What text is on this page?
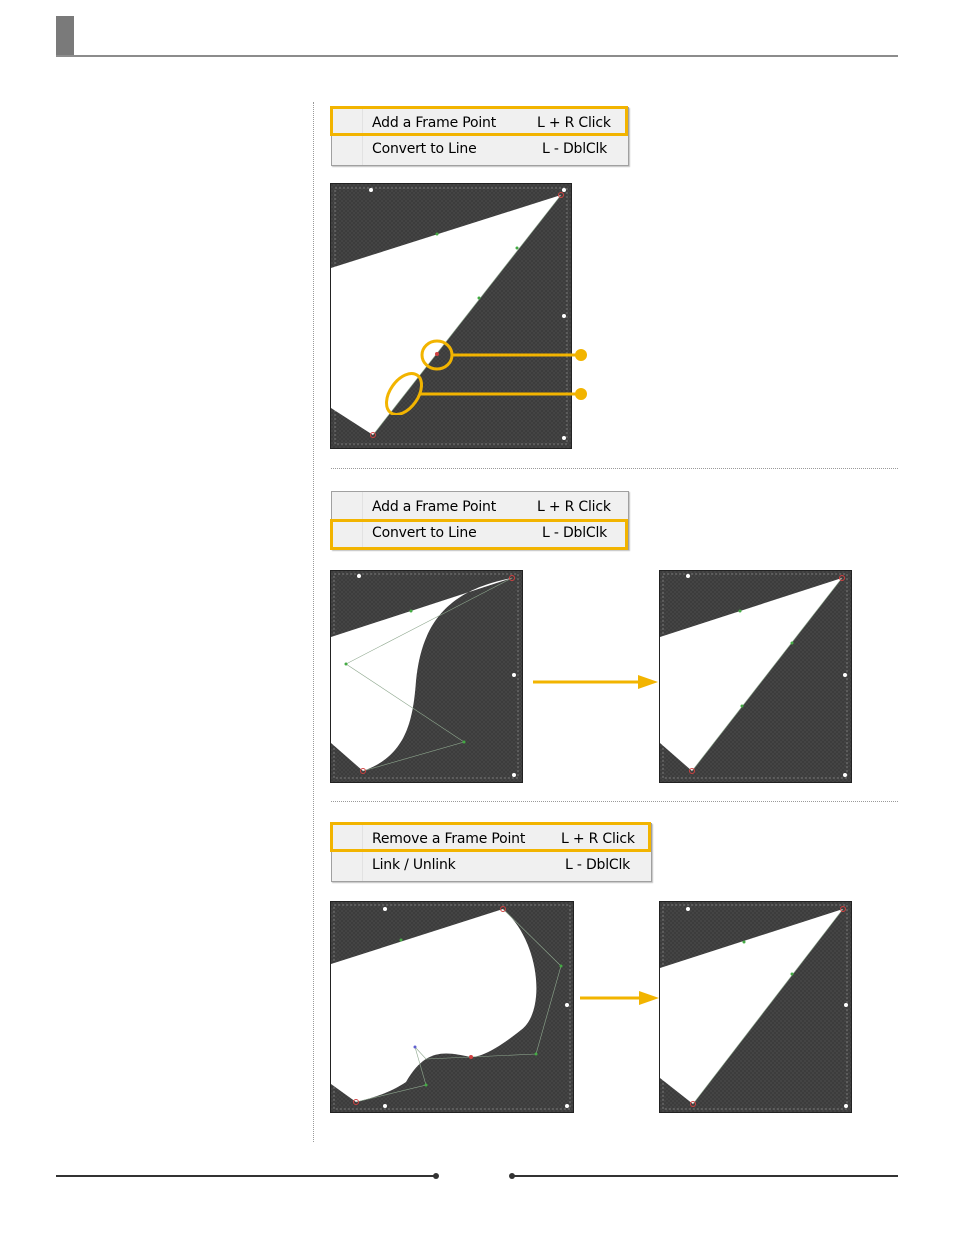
Add a Frame Point	L + R Click
Convert to Line	L - DblClk
Add a Frame Point	L + R Click
Convert to Line	L - DblClk
Remove a Frame Point	L + R Click
Link / Unlink	L - DblClk
